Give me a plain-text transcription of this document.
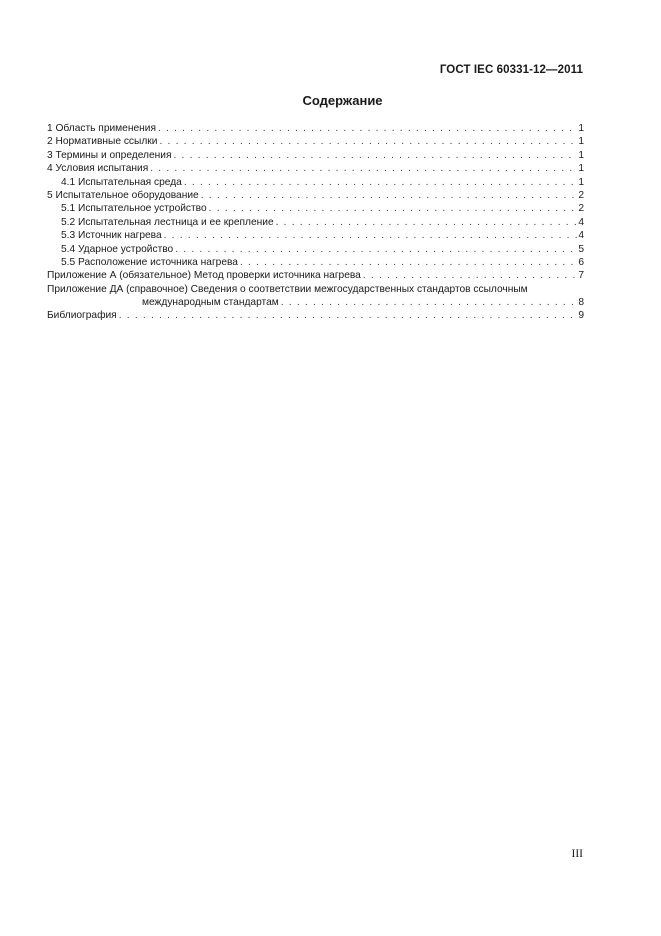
ГОСТ IEC 60331-12—2011
Содержание
1 Область применения . . .	1
2 Нормативные ссылки . . .	1
3 Термины и определения . . .	1
4 Условия испытания . . .	1
4.1 Испытательная среда . . .	1
5 Испытательное оборудование . . .	2
5.1 Испытательное устройство . . .	2
5.2 Испытательная лестница и ее крепление . . .	4
5.3 Источник нагрева . . .	4
5.4 Ударное устройство . . .	5
5.5 Расположение источника нагрева . . .	6
Приложение А (обязательное) Метод проверки источника нагрева . . .	7
Приложение ДА (справочное) Сведения о соответствии межгосударственных стандартов ссылочным
международным стандартам . . .	8
Библиография . . .	9
III
